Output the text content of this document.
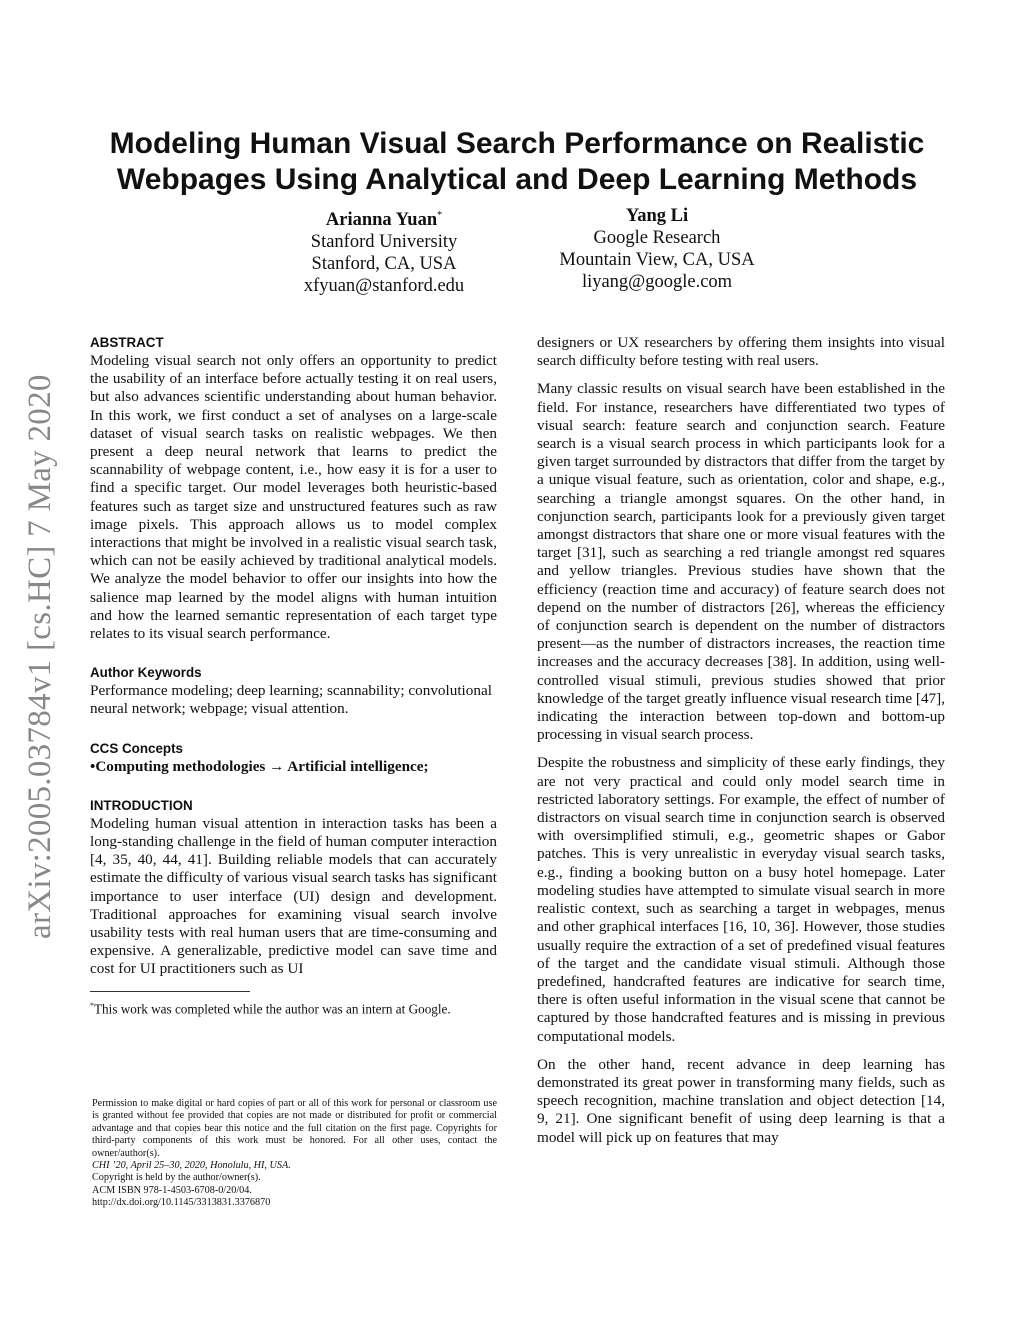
Modeling Human Visual Search Performance on Realistic
Webpages Using Analytical and Deep Learning Methods
Arianna Yuan*
Stanford University
Stanford, CA, USA
xfyuan@stanford.edu
Yang Li
Google Research
Mountain View, CA, USA
liyang@google.com
arXiv:2005.03784v1 [cs.HC] 7 May 2020
ABSTRACT

Modeling visual search not only offers an opportunity to predict the usability of an interface before actually testing it on real users, but also advances scientific understanding about human behavior. In this work, we first conduct a set of analyses on a large-scale dataset of visual search tasks on realistic webpages. We then present a deep neural network that learns to predict the scannability of webpage content, i.e., how easy it is for a user to find a specific target. Our model leverages both heuristic-based features such as target size and unstructured features such as raw image pixels. This approach allows us to model complex interactions that might be involved in a realistic visual search task, which can not be easily achieved by traditional analytical models. We analyze the model behavior to offer our insights into how the salience map learned by the model aligns with human intuition and how the learned semantic representation of each target type relates to its visual search performance.

Author Keywords

Performance modeling; deep learning; scannability; convolutional neural network; webpage; visual attention.

CCS Concepts

•Computing methodologies → Artificial intelligence;

INTRODUCTION

Modeling human visual attention in interaction tasks has been a long-standing challenge in the field of human computer interaction [4, 35, 40, 44, 41]. Building reliable models that can accurately estimate the difficulty of various visual search tasks has significant importance to user interface (UI) design and development. Traditional approaches for examining visual search involve usability tests with real human users that are time-consuming and expensive. A generalizable, predictive model can save time and cost for UI practitioners such as UI

*This work was completed while the author was an intern at Google.
Permission to make digital or hard copies of part or all of this work for personal or classroom use is granted without fee provided that copies are not made or distributed for profit or commercial advantage and that copies bear this notice and the full citation on the first page. Copyrights for third-party components of this work must be honored. For all other uses, contact the owner/author(s).
CHI ’20, April 25–30, 2020, Honolulu, HI, USA.
Copyright is held by the author/owner(s).
ACM ISBN 978-1-4503-6708-0/20/04.
http://dx.doi.org/10.1145/3313831.3376870

designers or UX researchers by offering them insights into visual search difficulty before testing with real users.

Many classic results on visual search have been established in the field. For instance, researchers have differentiated two types of visual search: feature search and conjunction search. Feature search is a visual search process in which participants look for a given target surrounded by distractors that differ from the target by a unique visual feature, such as orientation, color and shape, e.g., searching a triangle amongst squares. On the other hand, in conjunction search, participants look for a previously given target amongst distractors that share one or more visual features with the target [31], such as searching a red triangle amongst red squares and yellow triangles. Previous studies have shown that the efficiency (reaction time and accuracy) of feature search does not depend on the number of distractors [26], whereas the efficiency of conjunction search is dependent on the number of distractors present—as the number of distractors increases, the reaction time increases and the accuracy decreases [38]. In addition, using well-controlled visual stimuli, previous studies showed that prior knowledge of the target greatly influence visual research time [47], indicating the interaction between top-down and bottom-up processing in visual search process.

Despite the robustness and simplicity of these early findings, they are not very practical and could only model search time in restricted laboratory settings. For example, the effect of number of distractors on visual search time in conjunction search is observed with oversimplified stimuli, e.g., geometric shapes or Gabor patches. This is very unrealistic in everyday visual search tasks, e.g., finding a booking button on a busy hotel homepage. Later modeling studies have attempted to simulate visual search in more realistic context, such as searching a target in webpages, menus and other graphical interfaces [16, 10, 36]. However, those studies usually require the extraction of a set of predefined visual features of the target and the candidate visual stimuli. Although those predefined, handcrafted features are indicative for search time, there is often useful information in the visual scene that cannot be captured by those handcrafted features and is missing in previous computational models.

On the other hand, recent advance in deep learning has demonstrated its great power in transforming many fields, such as speech recognition, machine translation and object detection [14, 9, 21]. One significant benefit of using deep learning is that a model will pick up on features that may
